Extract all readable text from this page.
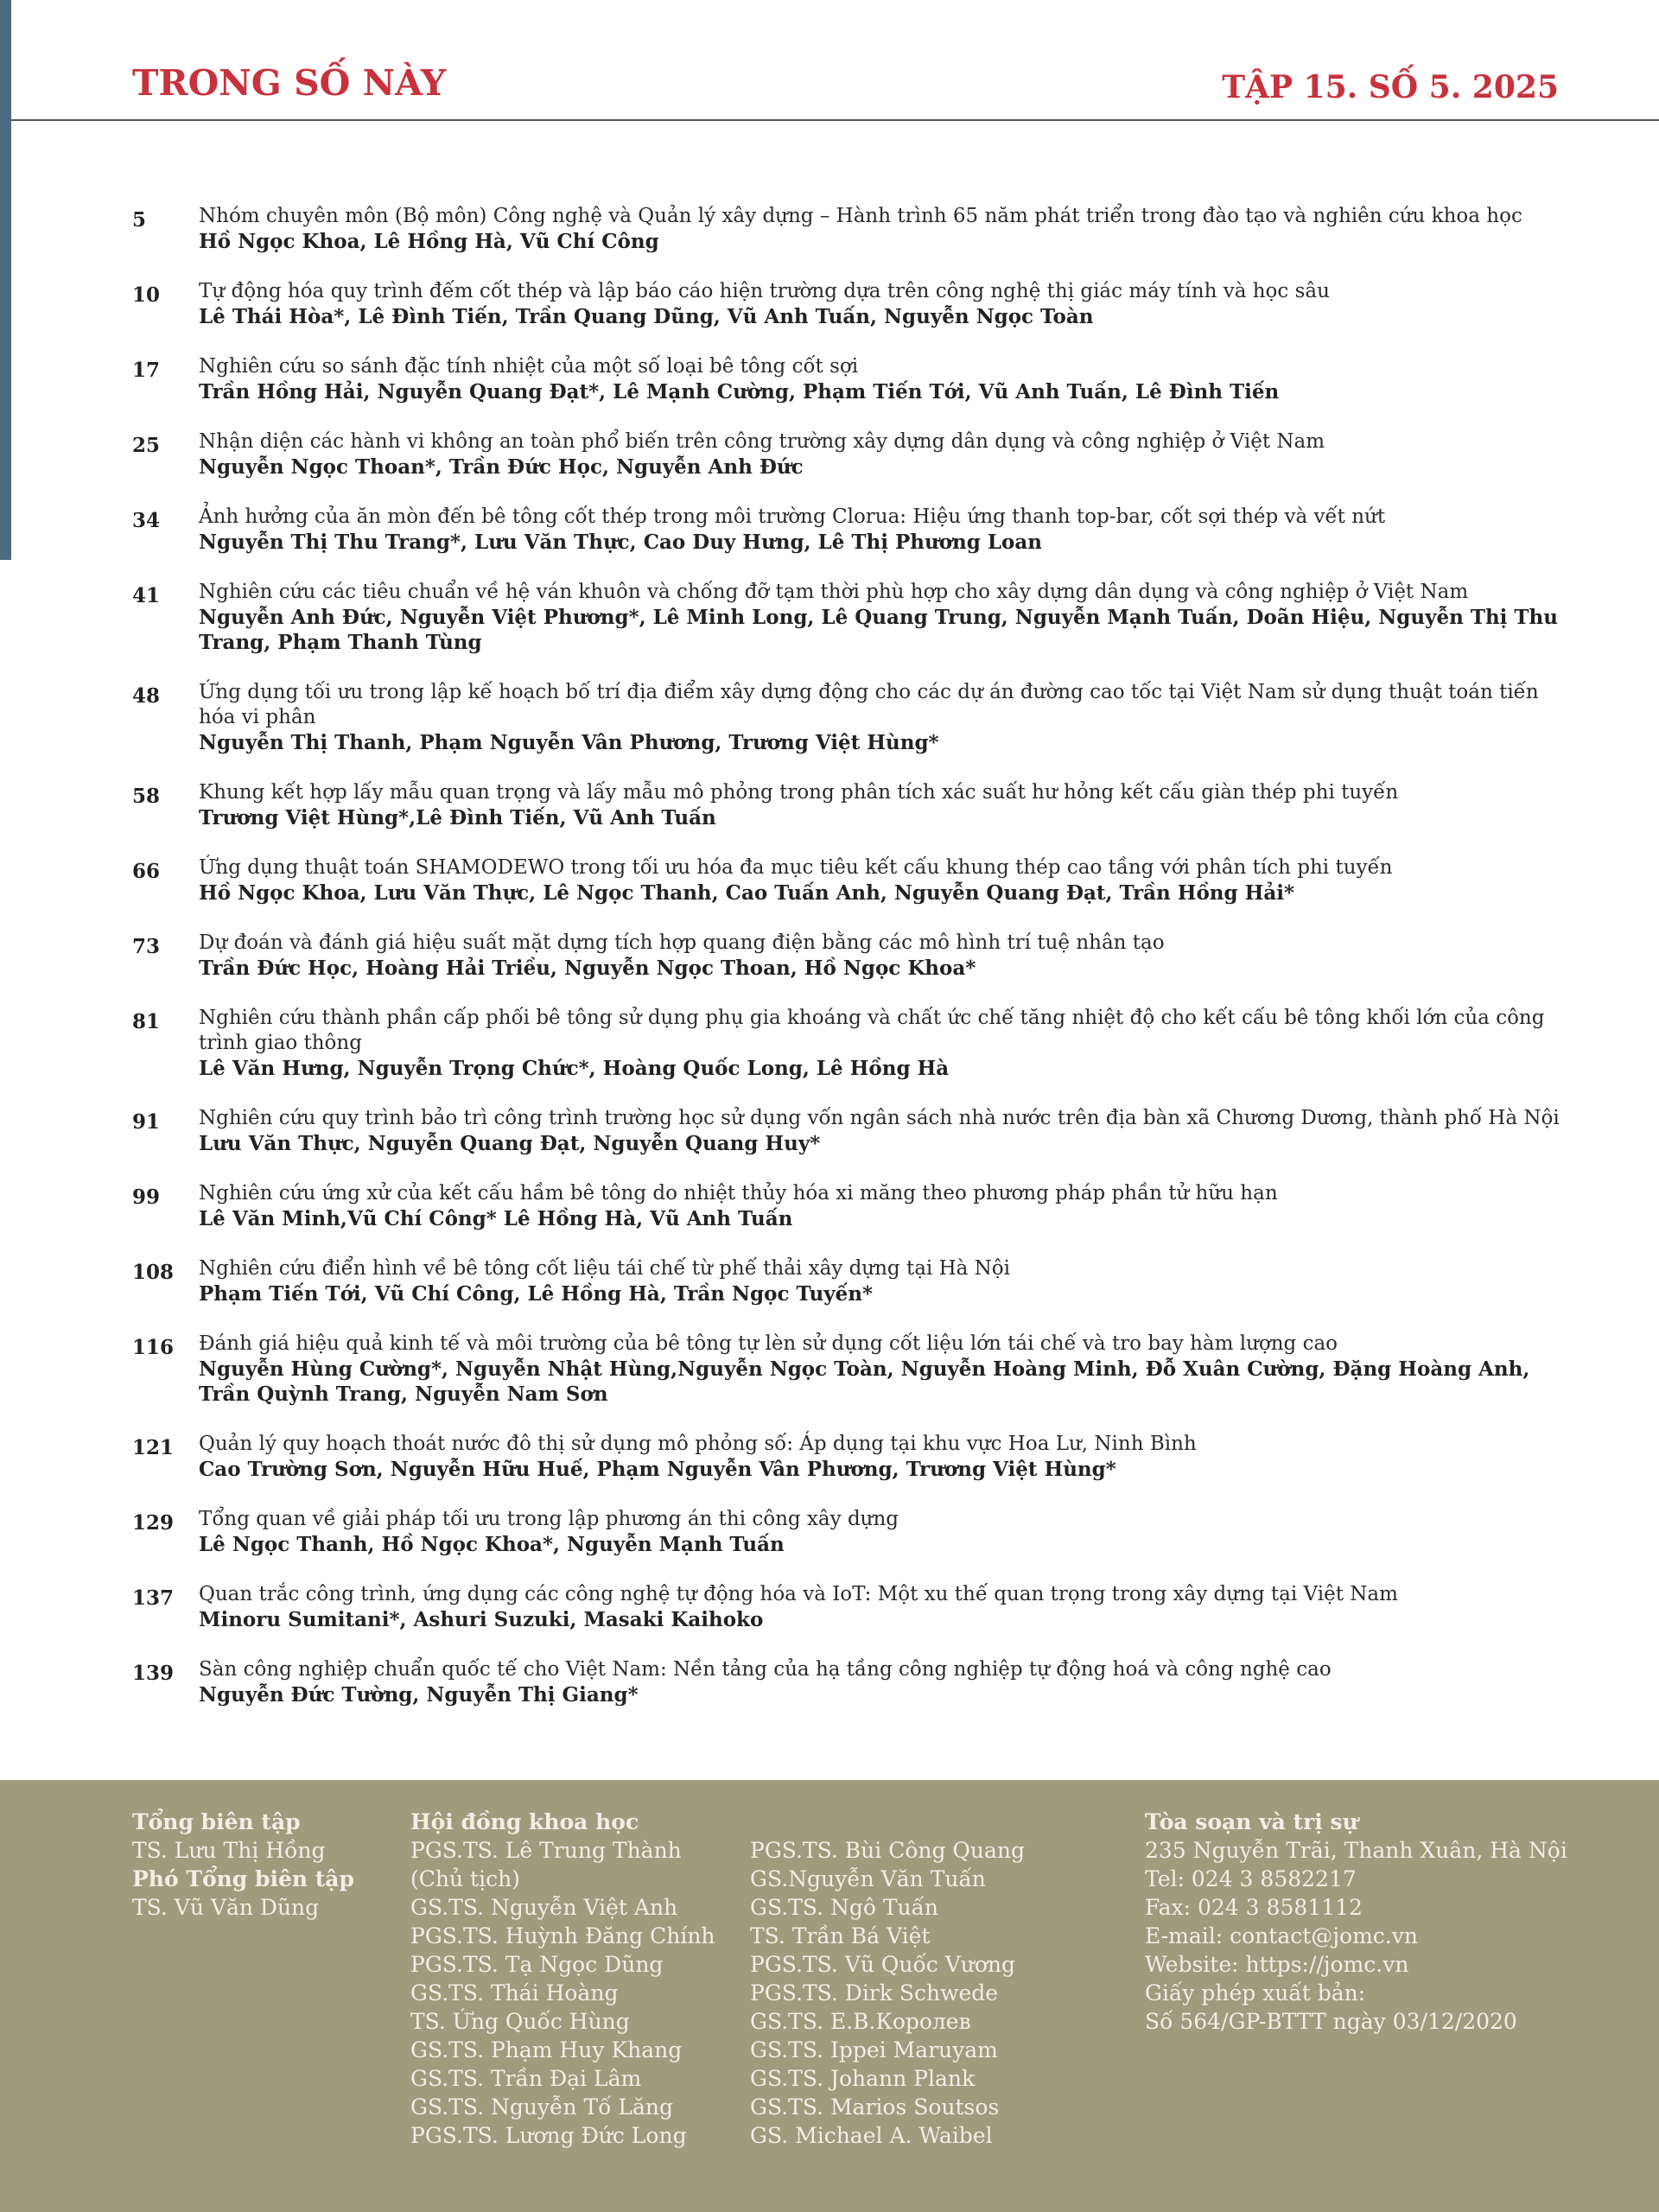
TRONG SỐ NÀY	TẬP 15. SỐ 5. 2025
5	Nhóm chuyên môn (Bộ môn) Công nghệ và Quản lý xây dựng – Hành trình 65 năm phát triển trong đào tạo và nghiên cứu khoa học
Hồ Ngọc Khoa, Lê Hồng Hà, Vũ Chí Công
10	Tự động hóa quy trình đếm cốt thép và lập báo cáo hiện trường dựa trên công nghệ thị giác máy tính và học sâu
Lê Thái Hòa*, Lê Đình Tiến, Trần Quang Dũng, Vũ Anh Tuấn, Nguyễn Ngọc Toàn
17	Nghiên cứu so sánh đặc tính nhiệt của một số loại bê tông cốt sợi
Trần Hồng Hải, Nguyễn Quang Đạt*, Lê Mạnh Cường, Phạm Tiến Tới, Vũ Anh Tuấn, Lê Đình Tiến
25	Nhận diện các hành vi không an toàn phổ biến trên công trường xây dựng dân dụng và công nghiệp ở Việt Nam
Nguyễn Ngọc Thoan*, Trần Đức Học, Nguyễn Anh Đức
34	Ảnh hưởng của ăn mòn đến bê tông cốt thép trong môi trường Clorua: Hiệu ứng thanh top-bar, cốt sợi thép và vết nứt
Nguyễn Thị Thu Trang*, Lưu Văn Thực, Cao Duy Hưng, Lê Thị Phương Loan
41	Nghiên cứu các tiêu chuẩn về hệ ván khuôn và chống đỡ tạm thời phù hợp cho xây dựng dân dụng và công nghiệp ở Việt Nam
Nguyễn Anh Đức, Nguyễn Việt Phương*, Lê Minh Long, Lê Quang Trung, Nguyễn Mạnh Tuấn, Doãn Hiệu, Nguyễn Thị Thu Trang, Phạm Thanh Tùng
48	Ứng dụng tối ưu trong lập kế hoạch bố trí địa điểm xây dựng động cho các dự án đường cao tốc tại Việt Nam sử dụng thuật toán tiến hóa vi phân
Nguyễn Thị Thanh, Phạm Nguyễn Vân Phương, Trương Việt Hùng*
58	Khung kết hợp lấy mẫu quan trọng và lấy mẫu mô phỏng trong phân tích xác suất hư hỏng kết cấu giàn thép phi tuyến
Trương Việt Hùng*,Lê Đình Tiến, Vũ Anh Tuấn
66	Ứng dụng thuật toán SHAMODEWO trong tối ưu hóa đa mục tiêu kết cấu khung thép cao tầng với phân tích phi tuyến
Hồ Ngọc Khoa, Lưu Văn Thực, Lê Ngọc Thanh, Cao Tuấn Anh, Nguyễn Quang Đạt, Trần Hồng Hải*
73	Dự đoán và đánh giá hiệu suất mặt dựng tích hợp quang điện bằng các mô hình trí tuệ nhân tạo
Trần Đức Học, Hoàng Hải Triều, Nguyễn Ngọc Thoan, Hồ Ngọc Khoa*
81	Nghiên cứu thành phần cấp phối bê tông sử dụng phụ gia khoáng và chất ức chế tăng nhiệt độ cho kết cấu bê tông khối lớn của công trình giao thông
Lê Văn Hưng, Nguyễn Trọng Chức*, Hoàng Quốc Long, Lê Hồng Hà
91	Nghiên cứu quy trình bảo trì công trình trường học sử dụng vốn ngân sách nhà nước trên địa bàn xã Chương Dương, thành phố Hà Nội
Lưu Văn Thực, Nguyễn Quang Đạt, Nguyễn Quang Huy*
99	Nghiên cứu ứng xử của kết cấu hầm bê tông do nhiệt thủy hóa xi măng theo phương pháp phần tử hữu hạn
Lê Văn Minh,Vũ Chí Công* Lê Hồng Hà, Vũ Anh Tuấn
108	Nghiên cứu điển hình về bê tông cốt liệu tái chế từ phế thải xây dựng tại Hà Nội
Phạm Tiến Tới, Vũ Chí Công, Lê Hồng Hà, Trần Ngọc Tuyến*
116	Đánh giá hiệu quả kinh tế và môi trường của bê tông tự lèn sử dụng cốt liệu lớn tái chế và tro bay hàm lượng cao
Nguyễn Hùng Cường*, Nguyễn Nhật Hùng,Nguyễn Ngọc Toàn, Nguyễn Hoàng Minh, Đỗ Xuân Cường, Đặng Hoàng Anh, Trần Quỳnh Trang, Nguyễn Nam Sơn
121	Quản lý quy hoạch thoát nước đô thị sử dụng mô phỏng số: Áp dụng tại khu vực Hoa Lư, Ninh Bình
Cao Trường Sơn, Nguyễn Hữu Huế, Phạm Nguyễn Vân Phương, Trương Việt Hùng*
129	Tổng quan về giải pháp tối ưu trong lập phương án thi công xây dựng
Lê Ngọc Thanh, Hồ Ngọc Khoa*, Nguyễn Mạnh Tuấn
137	Quan trắc công trình, ứng dụng các công nghệ tự động hóa và IoT: Một xu thế quan trọng trong xây dựng tại Việt Nam
Minoru Sumitani*, Ashuri Suzuki, Masaki Kaihoko
139	Sàn công nghiệp chuẩn quốc tế cho Việt Nam: Nền tảng của hạ tầng công nghiệp tự động hoá và công nghệ cao
Nguyễn Đức Tường, Nguyễn Thị Giang*
Tổng biên tập
TS. Lưu Thị Hồng
Phó Tổng biên tập
TS. Vũ Văn Dũng
Hội đồng khoa học
PGS.TS. Lê Trung Thành
(Chủ tịch)
GS.TS. Nguyễn Việt Anh
PGS.TS. Huỳnh Đăng Chính
PGS.TS. Tạ Ngọc Dũng
GS.TS. Thái Hoàng
TS. Ứng Quốc Hùng
GS.TS. Phạm Huy Khang
GS.TS. Trần Đại Lâm
GS.TS. Nguyễn Tố Lăng
PGS.TS. Lương Đức Long
PGS.TS. Bùi Công Quang
GS.Nguyễn Văn Tuấn
GS.TS. Ngô Tuấn
TS. Trần Bá Việt
PGS.TS. Vũ Quốc Vương
PGS.TS. Dirk Schwede
GS.TS. E.B.Королев
GS.TS. Ippei Maruyam
GS.TS. Johann Plank
GS.TS. Marios Soutsos
GS. Michael A. Waibel
Tòa soạn và trị sự
235 Nguyễn Trãi, Thanh Xuân, Hà Nội
Tel: 024 3 8582217
Fax: 024 3 8581112
E-mail: contact@jomc.vn
Website: https://jomc.vn
Giấy phép xuất bản:
Số 564/GP-BTTT ngày 03/12/2020
